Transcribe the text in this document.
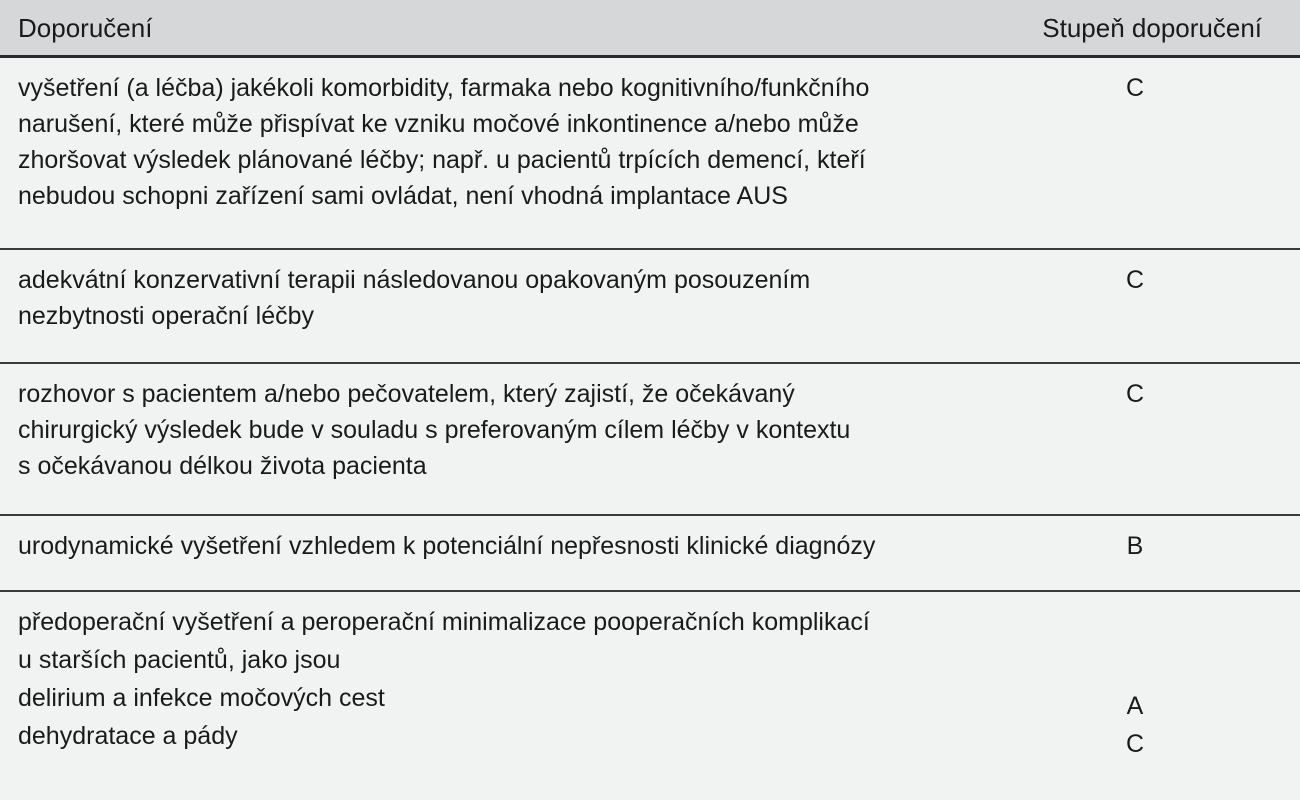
Doporučení	Stupeň doporučení
vyšetření (a léčba) jakékoli komorbidity, farmaka nebo kognitivního/funkčního
narušení, které může přispívat ke vzniku močové inkontinence a/nebo může
zhoršovat výsledek plánované léčby; např. u pacientů trpících demencí, kteří
nebudou schopni zařízení sami ovládat, není vhodná implantace AUS
C
adekvátní konzervativní terapii následovanou opakovaným posouzením
nezbytnosti operační léčby
C
rozhovor s pacientem a/nebo pečovatelem, který zajistí, že očekávaný
chirurgický výsledek bude v souladu s preferovaným cílem léčby v kontextu
s očekávanou délkou života pacienta
C
urodynamické vyšetření vzhledem k potenciální nepřesnosti klinické diagnózy	B
předoperační vyšetření a peroperační minimalizace pooperačních komplikací
u starších pacientů, jako jsou
delirium a infekce močových cest
dehydratace a pády
A
C
